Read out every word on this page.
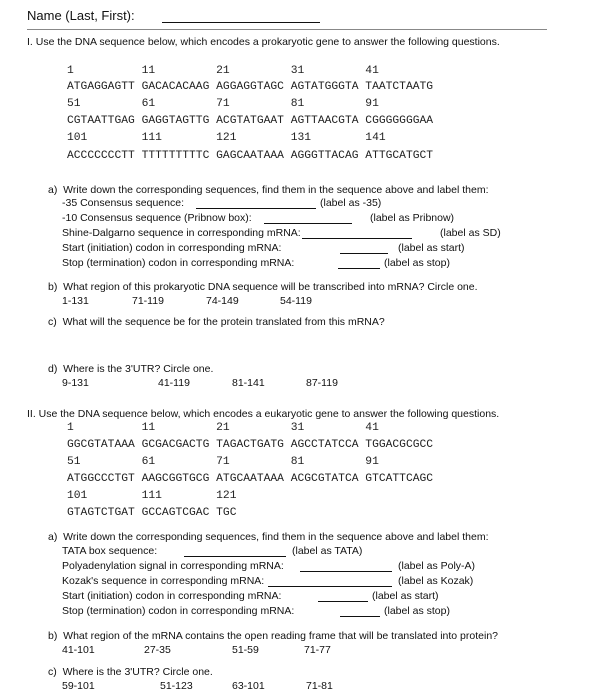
Name (Last, First):
I. Use the DNA sequence below, which encodes a prokaryotic gene to answer the following questions.
1          11         21         31         41
ATGAGGAGTT GACACACAAG AGGAGGTAGC AGTATGGGTA TAATCTAATG
51         61         71         81         91
CGTAATTGAG GAGGTAGTTG ACGTATGAAT AGTTAACGTA CGGGGGGGAA
101        111        121        131        141
ACCCCCCCTT TTTTTTTTTC GAGCAATAAA AGGGTTACAG ATTGCATGCT
a)  Write down the corresponding sequences, find them in the sequence above and label them:
-35 Consensus sequence:	(label as -35)
-10 Consensus sequence (Pribnow box):	(label as Pribnow)
Shine-Dalgarno sequence in corresponding mRNA:	(label as SD)
Start (initiation) codon in corresponding mRNA:	(label as start)
Stop (termination) codon in corresponding mRNA:	(label as stop)
b)  What region of this prokaryotic DNA sequence will be transcribed into mRNA? Circle one.
1-131	71-119	74-149	54-119
c)  What will the sequence be for the protein translated from this mRNA?
d)  Where is the 3'UTR? Circle one.
9-131	41-119	81-141	87-119
II. Use the DNA sequence below, which encodes a eukaryotic gene to answer the following questions.
1          11         21         31         41
GGCGTATAAA GCGACGACTG TAGACTGATG AGCCTATCCA TGGACGCGCC
51         61         71         81         91
ATGGCCCTGT AAGCGGTGCG ATGCAATAAA ACGCGTATCA GTCATTCAGC
101        111        121
GTAGTCTGAT GCCAGTCGAC TGC
a)  Write down the corresponding sequences, find them in the sequence above and label them:
TATA box sequence:	(label as TATA)
Polyadenylation signal in corresponding mRNA:	(label as Poly-A)
Kozak's sequence in corresponding mRNA:	(label as Kozak)
Start (initiation) codon in corresponding mRNA:	(label as start)
Stop (termination) codon in corresponding mRNA:	(label as stop)
b)  What region of the mRNA contains the open reading frame that will be translated into protein?
41-101	27-35	51-59	71-77
c)  Where is the 3'UTR? Circle one.
59-101	51-123	63-101	71-81
